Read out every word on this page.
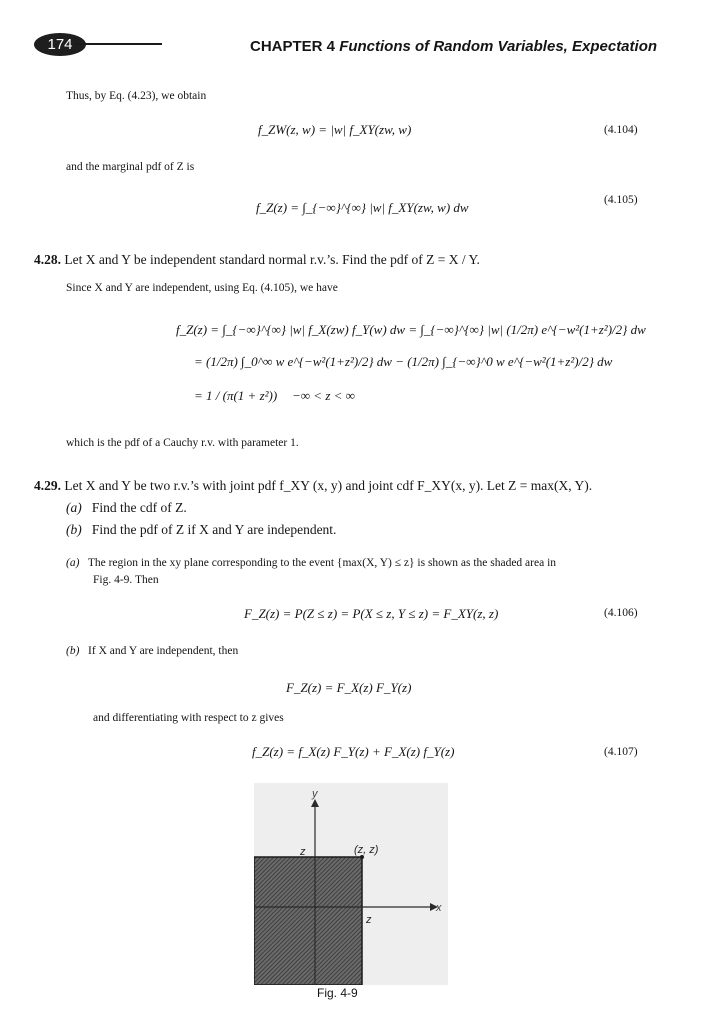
174	CHAPTER 4 Functions of Random Variables, Expectation
Thus, by Eq. (4.23), we obtain
f_ZW(z, w) = |w| f_XY(zw, w)	(4.104)
and the marginal pdf of Z is
f_Z(z) = ∫_{−∞}^{∞} |w| f_XY(zw, w) dw	(4.105)
4.28. Let X and Y be independent standard normal r.v.’s. Find the pdf of Z = X / Y.
Since X and Y are independent, using Eq. (4.105), we have
f_Z(z) = ∫_{−∞}^{∞} |w| f_X(zw) f_Y(w) dw = ∫_{−∞}^{∞} |w| (1/2π) e^{−w²(1+z²)/2} dw
= (1/2π) ∫_0^∞ w e^{−w²(1+z²)/2} dw − (1/2π) ∫_{−∞}^0 w e^{−w²(1+z²)/2} dw
= 1 / (π(1 + z²)) −∞ < z < ∞
which is the pdf of a Cauchy r.v. with parameter 1.
4.29. Let X and Y be two r.v.’s with joint pdf f_XY (x, y) and joint cdf F_XY(x, y). Let Z = max(X, Y).
(a) Find the cdf of Z.
(b) Find the pdf of Z if X and Y are independent.
(a) The region in the xy plane corresponding to the event {max(X, Y) ≤ z} is shown as the shaded area in
Fig. 4-9. Then
F_Z(z) = P(Z ≤ z) = P(X ≤ z, Y ≤ z) = F_XY(z, z)	(4.106)
(b) If X and Y are independent, then
F_Z(z) = F_X(z) F_Y(z)
and differentiating with respect to z gives
f_Z(z) = f_X(z) F_Y(z) + F_X(z) f_Y(z)	(4.107)
y
x
z
z
(z, z)
Fig. 4-9
